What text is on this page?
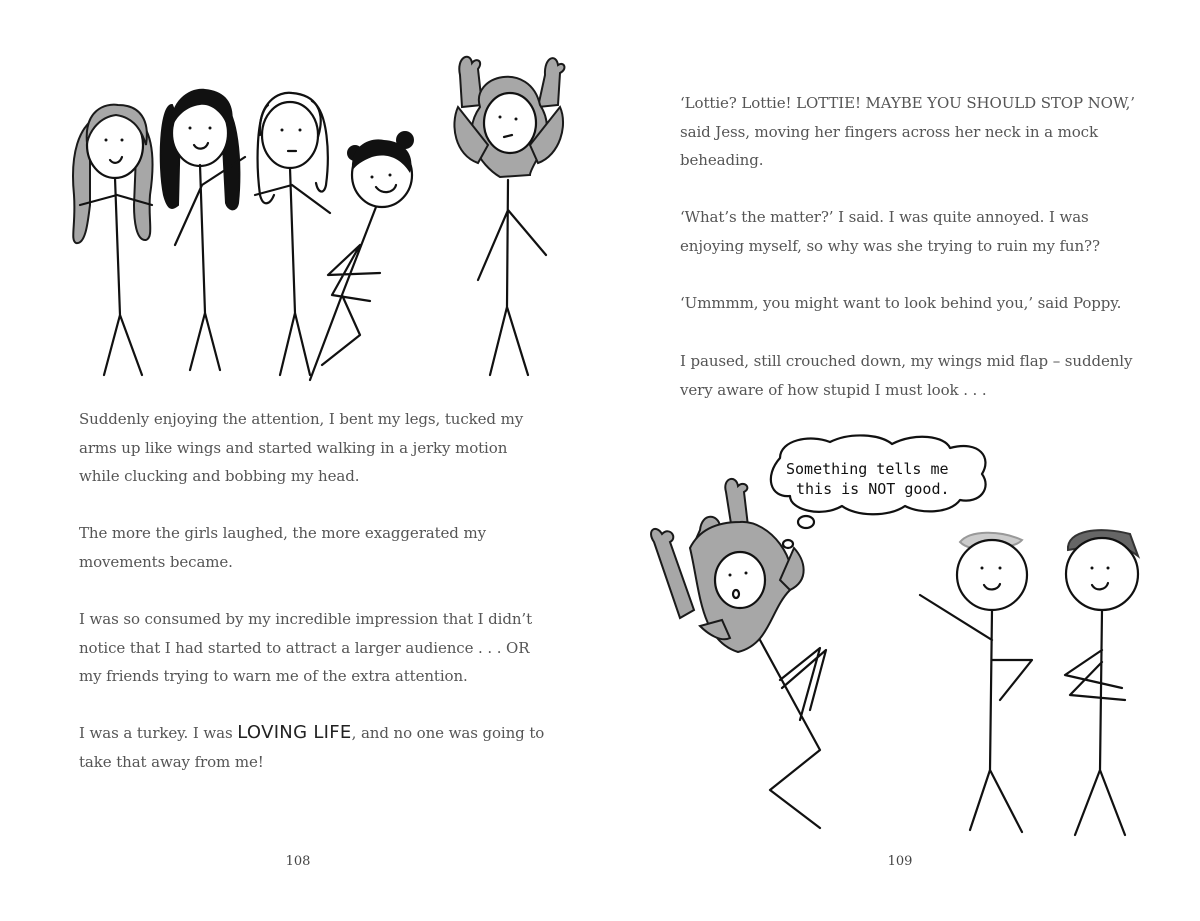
Suddenly enjoying the attention, I bent my legs, tucked my
arms up like wings and started walking in a jerky motion
while clucking and bobbing my head.

The more the girls laughed, the more exaggerated my
movements became.

I was so consumed by my incredible impression that I didn’t
notice that I had started to attract a larger audience . . . OR
my friends trying to warn me of the extra attention.

I was a turkey. I was LOVING LIFE, and no one was going to
take that away from me!

108

‘Lottie? Lottie! LOTTIE! MAYBE YOU SHOULD STOP NOW,’
said Jess, moving her fingers across her neck in a mock
beheading.

‘What’s the matter?’ I said. I was quite annoyed. I was
enjoying myself, so why was she trying to ruin my fun??

‘Ummmm, you might want to look behind you,’ said Poppy.

I paused, still crouched down, my wings mid flap – suddenly
very aware of how stupid I must look . . .

Something tells me
this is NOT good.
109
